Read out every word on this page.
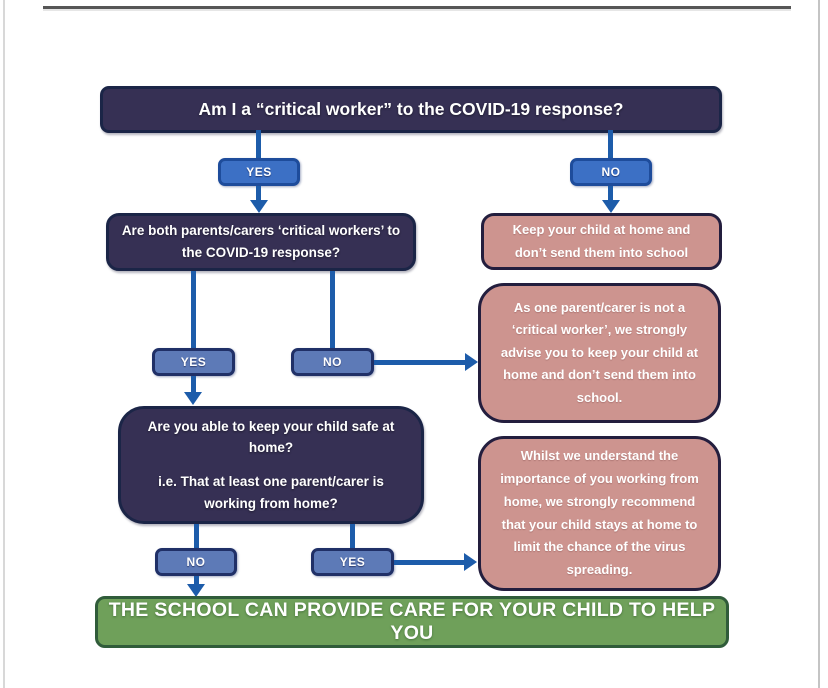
Am I a “critical worker” to the COVID-19 response?
YES	NO
Are both parents/carers ‘critical workers’ to the COVID-19 response?
Keep your child at home and don’t send them into school
YES	NO
As one parent/carer is not a ‘critical worker’, we strongly advise you to keep your child at home and don’t send them into school.

Are you able to keep your child safe at home?

i.e. That at least one parent/carer is working from home?

NO	YES
Whilst we understand the importance of you working from home, we strongly recommend that your child stays at home to limit the chance of the virus spreading.
THE SCHOOL CAN PROVIDE CARE FOR YOUR CHILD TO HELP YOU
